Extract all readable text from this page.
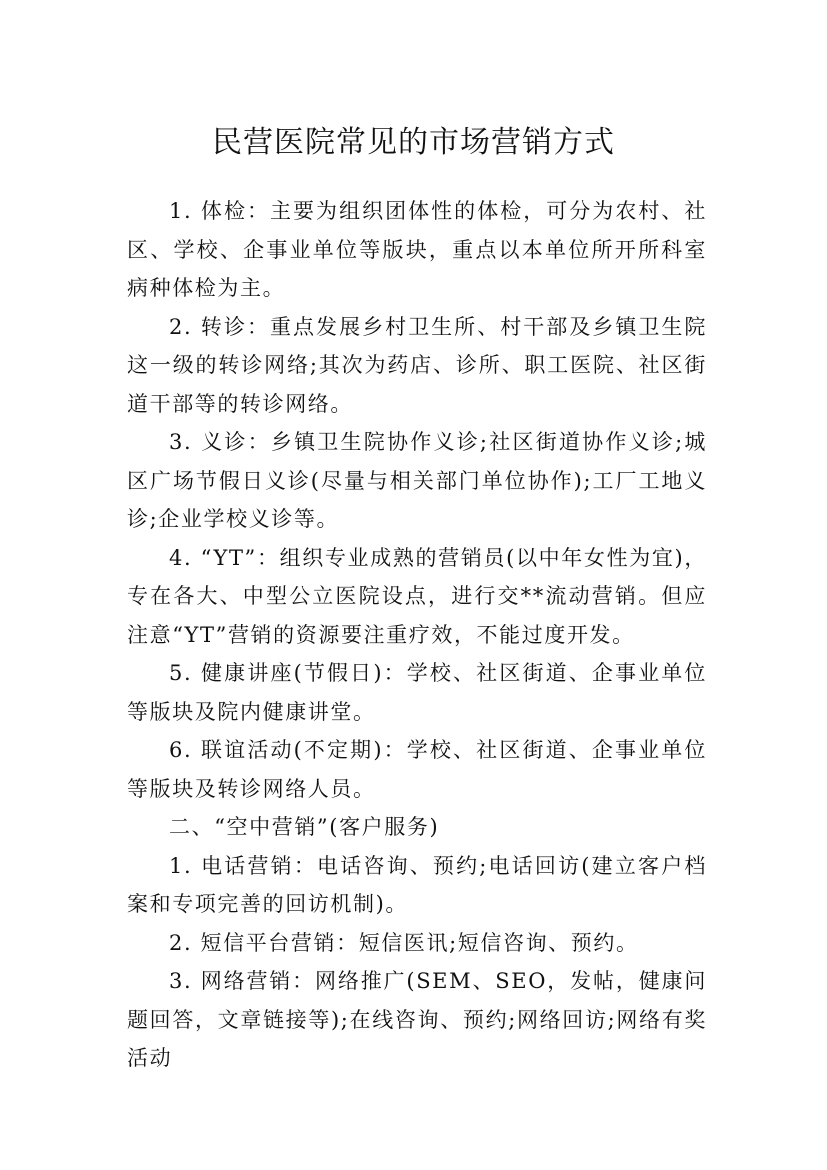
民营医院常见的市场营销方式

1. 体检：主要为组织团体性的体检，可分为农村、社区、学校、企事业单位等版块，重点以本单位所开所科室病种体检为主。

2. 转诊：重点发展乡村卫生所、村干部及乡镇卫生院这一级的转诊网络;其次为药店、诊所、职工医院、社区街道干部等的转诊网络。

3. 义诊：乡镇卫生院协作义诊;社区街道协作义诊;城区广场节假日义诊(尽量与相关部门单位协作);工厂工地义诊;企业学校义诊等。

4. “YT”：组织专业成熟的营销员(以中年女性为宜)，专在各大、中型公立医院设点，进行交**流动营销。但应注意“YT”营销的资源要注重疗效，不能过度开发。

5. 健康讲座(节假日)：学校、社区街道、企事业单位等版块及院内健康讲堂。

6. 联谊活动(不定期)：学校、社区街道、企事业单位等版块及转诊网络人员。

二、“空中营销”(客户服务)

1. 电话营销：电话咨询、预约;电话回访(建立客户档案和专项完善的回访机制)。

2. 短信平台营销：短信医讯;短信咨询、预约。

3. 网络营销：网络推广(SEM、SEO，发帖，健康问题回答，文章链接等);在线咨询、预约;网络回访;网络有奖活动
